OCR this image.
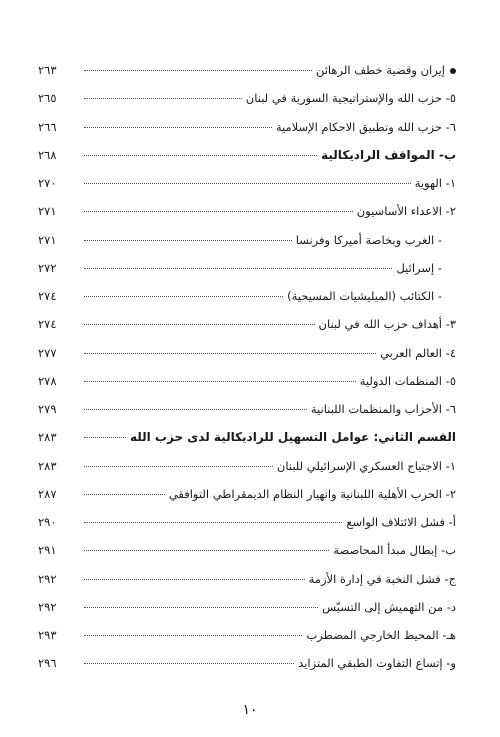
إيران وقضية خطف الرهائن
٢٦٣
٥- حزب الله والإستراتيجية السورية في لبنان
٢٦٥
٦- حزب الله وتطبيق الاحكام الإسلامية
٢٦٦
ب- المواقف الراديكالية
٢٦٨
١- الهوية
٢٧٠
٢- الاعداء الأساسيون
٢٧١
- الغرب وبخاصة أميركا وفرنسا
٢٧١
- إسرائيل
٢٧٢
- الكتائب (الميليشيات المسيحية)
٢٧٤
٣- أهداف حزب الله في لبنان
٢٧٤
٤- العالم العربي
٢٧٧
٥- المنظمات الدولية
٢٧٨
٦- الأحزاب والمنظمات اللبنانية
٢٧٩
القسم الثاني: عوامل التسهيل للراديكالية لدى حزب الله
٢٨٣
١- الاجتياح العسكري الإسرائيلي للبنان
٢٨٣
٢- الحرب الأهلية اللبنانية وانهيار النظام الديمقراطي التوافقي
٢٨٧
أ- فشل الائتلاف الواسع
٢٩٠
ب- إبطال مبدأ المحاصصة
٢٩١
ج- فشل النخبة في إدارة الأزمة
٢٩٢
د- من التهميش إلى التسيّس
٢٩٢
هـ- المحيط الخارجي المضطرب
٢٩٣
و- إتساع التفاوت الطبقي المتزايد
٢٩٦
١٠
